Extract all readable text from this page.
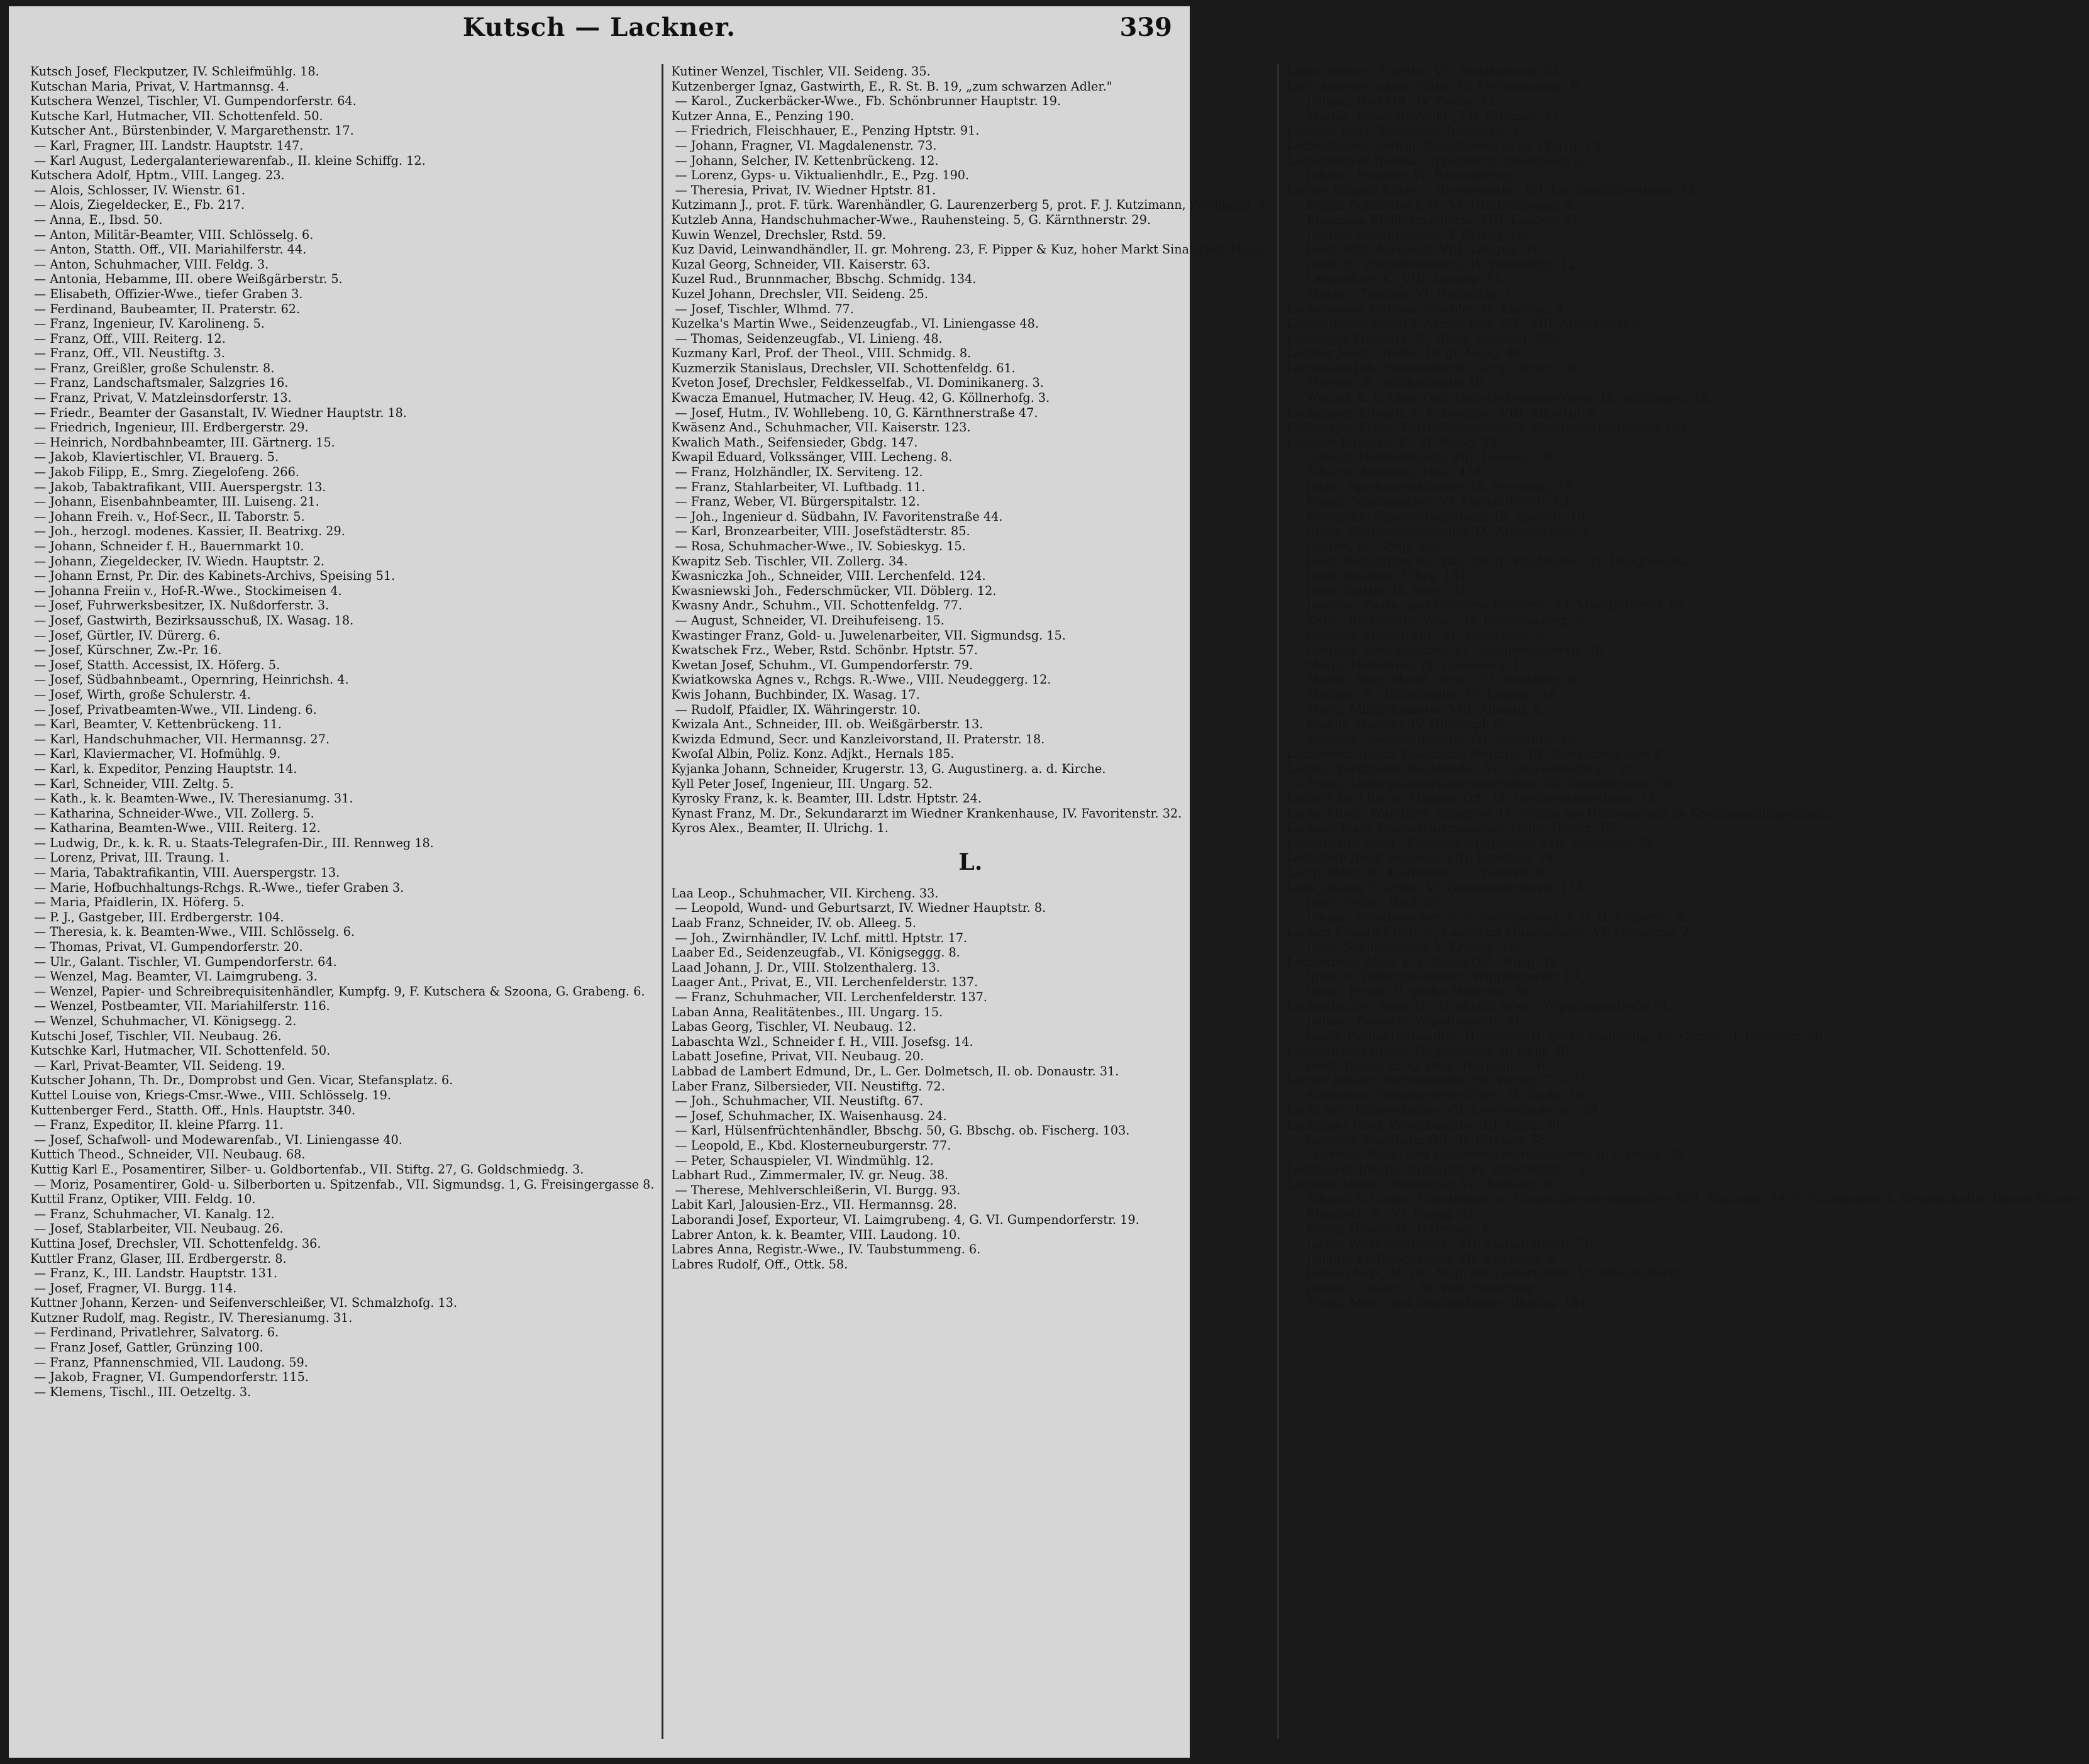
Kutsch — Lackner.	339
Kutsch Josef, Fleckputzer, IV. Schleifmühlg. 18.
Kutschan Maria, Privat, V. Hartmannsg. 4.
Kutschera Wenzel, Tischler, VI. Gumpendorferstr. 64.
Kutsche Karl, Hutmacher, VII. Schottenfeld. 50.
Kutscher Ant., Bürstenbinder, V. Margarethenstr. 17.
— Karl, Fragner, III. Landstr. Hauptstr. 147.
— Karl August, Ledergalanteriewarenfab., II. kleine Schiffg. 12.
Kutschera Adolf, Hptm., VIII. Langeg. 23.
— Alois, Schlosser, IV. Wienstr. 61.
— Alois, Ziegeldecker, E., Fb. 217.
— Anna, E., Ibsd. 50.
— Anton, Militär-Beamter, VIII. Schlösselg. 6.
— Anton, Statth. Off., VII. Mariahilferstr. 44.
— Anton, Schuhmacher, VIII. Feldg. 3.
— Antonia, Hebamme, III. obere Weißgärberstr. 5.
— Elisabeth, Offizier-Wwe., tiefer Graben 3.
— Ferdinand, Baubeamter, II. Praterstr. 62.
— Franz, Ingenieur, IV. Karolineng. 5.
— Franz, Off., VIII. Reiterg. 12.
— Franz, Off., VII. Neustiftg. 3.
— Franz, Greißler, große Schulenstr. 8.
— Franz, Landschaftsmaler, Salzgries 16.
— Franz, Privat, V. Matzleinsdorferstr. 13.
— Friedr., Beamter der Gasanstalt, IV. Wiedner Hauptstr. 18.
— Friedrich, Ingenieur, III. Erdbergerstr. 29.
— Heinrich, Nordbahnbeamter, III. Gärtnerg. 15.
— Jakob, Klaviertischler, VI. Brauerg. 5.
— Jakob Filipp, E., Smrg. Ziegelofeng. 266.
— Jakob, Tabaktrafikant, VIII. Auerspergstr. 13.
— Johann, Eisenbahnbeamter, III. Luiseng. 21.
— Johann Freih. v., Hof-Secr., II. Taborstr. 5.
— Joh., herzogl. modenes. Kassier, II. Beatrixg. 29.
— Johann, Schneider f. H., Bauernmarkt 10.
— Johann, Ziegeldecker, IV. Wiedn. Hauptstr. 2.
— Johann Ernst, Pr. Dir. des Kabinets-Archivs, Speising 51.
— Johanna Freiin v., Hof-R.-Wwe., Stockimeisen 4.
— Josef, Fuhrwerksbesitzer, IX. Nußdorferstr. 3.
— Josef, Gastwirth, Bezirksausschuß, IX. Wasag. 18.
— Josef, Gürtler, IV. Dürerg. 6.
— Josef, Kürschner, Zw.-Pr. 16.
— Josef, Statth. Accessist, IX. Höferg. 5.
— Josef, Südbahnbeamt., Opernring, Heinrichsh. 4.
— Josef, Wirth, große Schulerstr. 4.
— Josef, Privatbeamten-Wwe., VII. Lindeng. 6.
— Karl, Beamter, V. Kettenbrückeng. 11.
— Karl, Handschuhmacher, VII. Hermannsg. 27.
— Karl, Klaviermacher, VI. Hofmühlg. 9.
— Karl, k. Expeditor, Penzing Hauptstr. 14.
— Karl, Schneider, VIII. Zeltg. 5.
— Kath., k. k. Beamten-Wwe., IV. Theresianumg. 31.
— Katharina, Schneider-Wwe., VII. Zollerg. 5.
— Katharina, Beamten-Wwe., VIII. Reiterg. 12.
— Ludwig, Dr., k. k. R. u. Staats-Telegrafen-Dir., III. Rennweg 18.
— Lorenz, Privat, III. Traung. 1.
— Maria, Tabaktrafikantin, VIII. Auerspergstr. 13.
— Marie, Hofbuchhaltungs-Rchgs. R.-Wwe., tiefer Graben 3.
— Maria, Pfaidlerin, IX. Höferg. 5.
— P. J., Gastgeber, III. Erdbergerstr. 104.
— Theresia, k. k. Beamten-Wwe., VIII. Schlösselg. 6.
— Thomas, Privat, VI. Gumpendorferstr. 20.
— Ulr., Galant. Tischler, VI. Gumpendorferstr. 64.
— Wenzel, Mag. Beamter, VI. Laimgrubeng. 3.
— Wenzel, Papier- und Schreibrequisitenhändler, Kumpfg. 9, F. Kutschera & Szoona, G. Grabeng. 6.
— Wenzel, Postbeamter, VII. Mariahilferstr. 116.
— Wenzel, Schuhmacher, VI. Königsegg. 2.
Kutschi Josef, Tischler, VII. Neubaug. 26.
Kutschke Karl, Hutmacher, VII. Schottenfeld. 50.
— Karl, Privat-Beamter, VII. Seideng. 19.
Kutscher Johann, Th. Dr., Domprobst und Gen. Vicar, Stefansplatz. 6.
Kuttel Louise von, Kriegs-Cmsr.-Wwe., VIII. Schlösselg. 19.
Kuttenberger Ferd., Statth. Off., Hnls. Hauptstr. 340.
— Franz, Expeditor, II. kleine Pfarrg. 11.
— Josef, Schafwoll- und Modewarenfab., VI. Liniengasse 40.
Kuttich Theod., Schneider, VII. Neubaug. 68.
Kuttig Karl E., Posamentirer, Silber- u. Goldbortenfab., VII. Stiftg. 27, G. Goldschmiedg. 3.
— Moriz, Posamentirer, Gold- u. Silberborten u. Spitzenfab., VII. Sigmundsg. 1, G. Freisingergasse 8.
Kuttil Franz, Optiker, VIII. Feldg. 10.
— Franz, Schuhmacher, VI. Kanalg. 12.
— Josef, Stablarbeiter, VII. Neubaug. 26.
Kuttina Josef, Drechsler, VII. Schottenfeldg. 36.
Kuttler Franz, Glaser, III. Erdbergerstr. 8.
— Franz, K., III. Landstr. Hauptstr. 131.
— Josef, Fragner, VI. Burgg. 114.
Kuttner Johann, Kerzen- und Seifenverschleißer, VI. Schmalzhofg. 13.
Kutzner Rudolf, mag. Registr., IV. Theresianumg. 31.
— Ferdinand, Privatlehrer, Salvatorg. 6.
— Franz Josef, Gattler, Grünzing 100.
— Franz, Pfannenschmied, VII. Laudong. 59.
— Jakob, Fragner, VI. Gumpendorferstr. 115.
— Klemens, Tischl., III. Oetzeltg. 3.
Kutiner Wenzel, Tischler, VII. Seideng. 35.
Kutzenberger Ignaz, Gastwirth, E., R. St. B. 19, „zum schwarzen Adler."
— Karol., Zuckerbäcker-Wwe., Fb. Schönbrunner Hauptstr. 19.
Kutzer Anna, E., Penzing 190.
— Friedrich, Fleischhauer, E., Penzing Hptstr. 91.
— Johann, Fragner, VI. Magdalenenstr. 73.
— Johann, Selcher, IV. Kettenbrückeng. 12.
— Lorenz, Gyps- u. Viktualienhdlr., E., Pzg. 190.
— Theresia, Privat, IV. Wiedner Hptstr. 81.
Kutzimann J., prot. F. türk. Warenhändler, G. Laurenzerberg 5, prot. F. J. Kutzimann, Predigerg. 5.
Kutzleb Anna, Handschuhmacher-Wwe., Rauhensteing. 5, G. Kärnthnerstr. 29.
Kuwin Wenzel, Drechsler, Rstd. 59.
Kuz David, Leinwandhändler, II. gr. Mohreng. 23, F. Pipper & Kuz, hoher Markt Sina'sches Haus.
Kuzal Georg, Schneider, VII. Kaiserstr. 63.
Kuzel Rud., Brunnmacher, Bbschg. Schmidg. 134.
Kuzel Johann, Drechsler, VII. Seideng. 25.
— Josef, Tischler, Wlhmd. 77.
Kuzelka's Martin Wwe., Seidenzeugfab., VI. Liniengasse 48.
— Thomas, Seidenzeugfab., VI. Linieng. 48.
Kuzmany Karl, Prof. der Theol., VIII. Schmidg. 8.
Kuzmerzik Stanislaus, Drechsler, VII. Schottenfeldg. 61.
Kveton Josef, Drechsler, Feldkesselfab., VI. Dominikanerg. 3.
Kwacza Emanuel, Hutmacher, IV. Heug. 42, G. Köllnerhofg. 3.
— Josef, Hutm., IV. Wohllebeng. 10, G. Kärnthnerstraße 47.
Kwäsenz And., Schuhmacher, VII. Kaiserstr. 123.
Kwalich Math., Seifensieder, Gbdg. 147.
Kwapil Eduard, Volkssänger, VIII. Lecheng. 8.
— Franz, Holzhändler, IX. Serviteng. 12.
— Franz, Stahlarbeiter, VI. Luftbadg. 11.
— Franz, Weber, VI. Bürgerspitalstr. 12.
— Joh., Ingenieur d. Südbahn, IV. Favoritenstraße 44.
— Karl, Bronzearbeiter, VIII. Josefstädterstr. 85.
— Rosa, Schuhmacher-Wwe., IV. Sobieskyg. 15.
Kwapitz Seb. Tischler, VII. Zollerg. 34.
Kwasniczka Joh., Schneider, VIII. Lerchenfeld. 124.
Kwasniewski Joh., Federschmücker, VII. Döblerg. 12.
Kwasny Andr., Schuhm., VII. Schottenfeldg. 77.
— August, Schneider, VI. Dreihufeiseng. 15.
Kwastinger Franz, Gold- u. Juwelenarbeiter, VII. Sigmundsg. 15.
Kwatschek Frz., Weber, Rstd. Schönbr. Hptstr. 57.
Kwetan Josef, Schuhm., VI. Gumpendorferstr. 79.
Kwiatkowska Agnes v., Rchgs. R.-Wwe., VIII. Neudeggerg. 12.
Kwis Johann, Buchbinder, IX. Wasag. 17.
— Rudolf, Pfaidler, IX. Währingerstr. 10.
Kwizala Ant., Schneider, III. ob. Weißgärberstr. 13.
Kwizda Edmund, Secr. und Kanzleivorstand, II. Praterstr. 18.
Kwoſal Albin, Poliz. Konz. Adjkt., Hernals 185.
Kyjanka Johann, Schneider, Krugerstr. 13, G. Augustinerg. a. d. Kirche.
Kyll Peter Josef, Ingenieur, III. Ungarg. 52.
Kyrosky Franz, k. k. Beamter, III. Ldstr. Hptstr. 24.
Kynast Franz, M. Dr., Sekundararzt im Wiedner Krankenhause, IV. Favoritenstr. 32.
Kyros Alex., Beamter, II. Ulrichg. 1.
L.
Laa Leop., Schuhmacher, VII. Kircheng. 33.
— Leopold, Wund- und Geburtsarzt, IV. Wiedner Hauptstr. 8.
Laab Franz, Schneider, IV. ob. Alleeg. 5.
— Joh., Zwirnhändler, IV. Lchf. mittl. Hptstr. 17.
Laaber Ed., Seidenzeugfab., VI. Königseggg. 8.
Laad Johann, J. Dr., VIII. Stolzenthalerg. 13.
Laager Ant., Privat, E., VII. Lerchenfelderstr. 137.
— Franz, Schuhmacher, VII. Lerchenfelderstr. 137.
Laban Anna, Realitätenbes., III. Ungarg. 15.
Labas Georg, Tischler, VI. Neubaug. 12.
Labaschta Wzl., Schneider f. H., VIII. Josefsg. 14.
Labatt Josefine, Privat, VII. Neubaug. 20.
Labbad de Lambert Edmund, Dr., L. Ger. Dolmetsch, II. ob. Donaustr. 31.
Laber Franz, Silbersieder, VII. Neustiftg. 72.
— Joh., Schuhmacher, VII. Neustiftg. 67.
— Josef, Schuhmacher, IX. Waisenhausg. 24.
— Karl, Hülsenfrüchtenhändler, Bbschg. 50, G. Bbschg. ob. Fischerg. 103.
— Leopold, E., Kbd. Klosterneuburgerstr. 77.
— Peter, Schauspieler, VI. Windmühlg. 12.
Labhart Rud., Zimmermaler, IV. gr. Neug. 38.
— Therese, Mehlverschleißerin, VI. Burgg. 93.
Labit Karl, Jalousien-Erz., VII. Hermannsg. 28.
Laborandi Josef, Exporteur, VI. Laimgrubeng. 4, G. VI. Gumpendorferstr. 19.
Labrer Anton, k. k. Beamter, VIII. Laudong. 10.
Labres Anna, Registr.-Wwe., IV. Taubstummeng. 6.
Labres Rudolf, Off., Ottk. 58.
Labus Wenzel, Tischler, VII. Westbahnstr. 34.
Lach Andreas, akad. Maler, IV. Fleischmanng. 6.
— Johann, Post-Off., IV. Preßg. 11.
— Martin, Konzepts-Adjkt., VII. Strozzig. 47.
Lachant Josef, Schneider, Bäckerstr. 1.
Lachenbauer Ludwig, Buchbinder, II. gr. Pfarrg. 14.
Lachenmayer Helena, Ursulinerin, Johannesg. 8.
— Johann, Fragner, VI. Barnabiteng. 5.
Lacher Eduard Edler v., Blumenmaler, VII. Lerchenfelderstraße 13.
— Franz, Schneider f. H., VI. Dreihufeiseng. 9.
— Franziska Kleidermacherin, VIII. Langeg. 51.
— Johann, Schuhmacher, V. Griesg. 19.
— Josef, Min. Accessist, VIII. Langeg. 51.
— Josef, E., Ziegelbrennerei, IV. Heumühlg. 12.
— Leopoldine, K., VIII. Langeg. 51.
— Maxim., Tischler, VI. Hofmühlg. 1.
Lachermann Andreas, Tischler, IV. Karolyg. 4.
Lachermayer Eduard, Armee-Reg. Off., VIII. Albertplatz 5.
Lachinger Eleonora, E., Gbdg. Bäckerg. 255.
Lachler Josef, Trödler, IV. gr. Neug. 44.
Lachmann Joh., Bestandwirth, Grzg. Ortsstr. 68.
— Therese, E., Mölkerbastei 10.
— Wenzel, k. k. Ober-Post-Amts-Oekonomie-Verw., IX. Währinger. 12.
Lachmayer Eduard, k. k. Beamter, VIII. Albertpl. 6.
Lachmayer Franz, Perrückenmacher, V. Hundsthurmerstraße 122.
Lachner Barbara, E., VI. Webg. 22.
— Eduard, Handelsmann, VIII. Leneng. 18.
— Eduard, Assistent, Hnls. 418.
— Jakob, Spielwarenhändler, IX. Percheng. 19.
— Franz, Schuhmacher, VI. Mariahilferstr. 63.
— Franziska, Spielereihandlung, IX. Alserstr. 18.
— Ignaz, Schraubenerzeuger, IX. Alserbachstr. 3.
— Johann, E., Gbdg. 255.
— Josef, Registrator der Bau-Dir. d. Staatsbahn., IV. Heugasse 62.
— Josef, Beamter, Whrg. 161.
— Josef, Sattler, IX. Seeg. 22.
— Josefine, Zwirn- und Wollverschleißerin, VI. Mariahilferstr. 87.
— Kath., Tonkünstler-Wwe., IV. Dannhauserg. 7.
— Leopold, Magist.-Off., VI. Königsegg. 8.
— Leopold, Schuhmacher, VI. Gumpendorferstr. 40.
— Maria, Hebamme, IX. Garnisong. 1.
— Martin, Mag.-Markt-Cmsr., VII. Neustiftg. 93.
— Mathias, E., Holzhändler, VI. Linieng. 46.
— Moriz, Militärbeamter, VIII. Albertg. 6.
— Rudolf, Musiker, IV. Ulrichspl. 8.
— Susanna, Zwirnhändlerin, VII. Neustiftg. 28.
Lachiewicz Julian, Eisenbahn-Beamter, III. Salesianergasse 27.
Lachnit Ferdinand, Buchbinder, VI. Gumpendorferstr. 15.
— Franz, Ledergalanteriewarenarbeiter, VII. Neustiftgasse 56.
Lachnit Karl Rit. v., Magistr. Off., IX. Liechtensteinstraße 13.
Lachs Moriz, Wundarzt, Salzgries 14, Offizin am Heidenschuß im Kreditanstaltsgebäude.
Lackner Josef, Regenschirmmacher, Gbdg. Hptstr. 33.
Lachstädter Mich., Eisenbahn-Ingenieur, VIII. Lercheng. 23.
Lachstein Josef, Beamter, VIII. Laudong. 14.
Lachy Moriz B., Kaufmann, II. Praterstr. 8.
Lack Johann, Tischler, VI. Gumpendorferstr. 113.
— Josef, Weber, Rstd. 29.
— Johann, Schuhmacher, II. Schrottgießerg. 4, G. II. Praterstr. 8.
Lacken Eduard Freih. v., Kustos im Münzkabinet, VI. Papageng. 2.
— Josef, Schuhmacher, V. Krongg. 15.
Lackenbach Alois, k. k. Kassa-Off., Whrg. 167.
— Ignaz v., Zeitungs-Redact., Wipplingerstr. 19.
— Israel, Privat, II. große Mohreng. 36.
Lackenbacher Anna Th., Großhdlr.-Wwe., Wipplingerstraße 31.
— Johann, Beamter, Wipplingerstr. 31.
— Louis, Produktenhändler, Holzdepot II. große Stadtgutg. 13, Compt. II. Praterstr. 26.
Lackenbauer Franz, Ziegeldecker, II. Dblg. 40.
— Josef, Hauer, E., O. Dblg. Herreng. 170.
Lacker Johann, Pechbaendler, Sh. Wehrg. 72—73.
— Katharina, Fleischselcher-Wwe., IX. Badg. 10.
Lackl Joh., Bilderhändler, VII. Lerchenfelderstr. 29.
Lackinger Josef, Privatbeamter, III. Hezg. 30.
— Leopold, Nordbahn-Off., II. Circusg. 35.
— Theresia, Mehl- und Hülsenfrüchtenhändlerin, II. Circusg. 35.
Lackmayer Johann, Spängler, VI. Eßterhazyg. 15.
Lackner Anton, Uhrmacher, VII. Seideng. 9.
— Eduard & Comp., Nürnberger- u. Chinasilberwarenhändler, VIII. Florianig. 39, G. Tuchlauben 2. Gesellschafter Daniel Krüner.
— Elisabeth, E., VI. Burgg. 92.
— Franz, Glaser, IX. D'Orsayg. 4.
— Jakob, Wirthschaftsbes., VII. Mariahilferstr. 70.
— Johann, Kaffeeschänker, VII. Kircheng. 6.
— Johann Nep., M. Dr., Mag. der Geburtshilfe, VI. Mariahilferstr. 1.
— Johann, Glaser, O. St. Veit Thereſieng. 53.
— Franz, Mehl- und Fruchthändler, Bbschg. 184.
